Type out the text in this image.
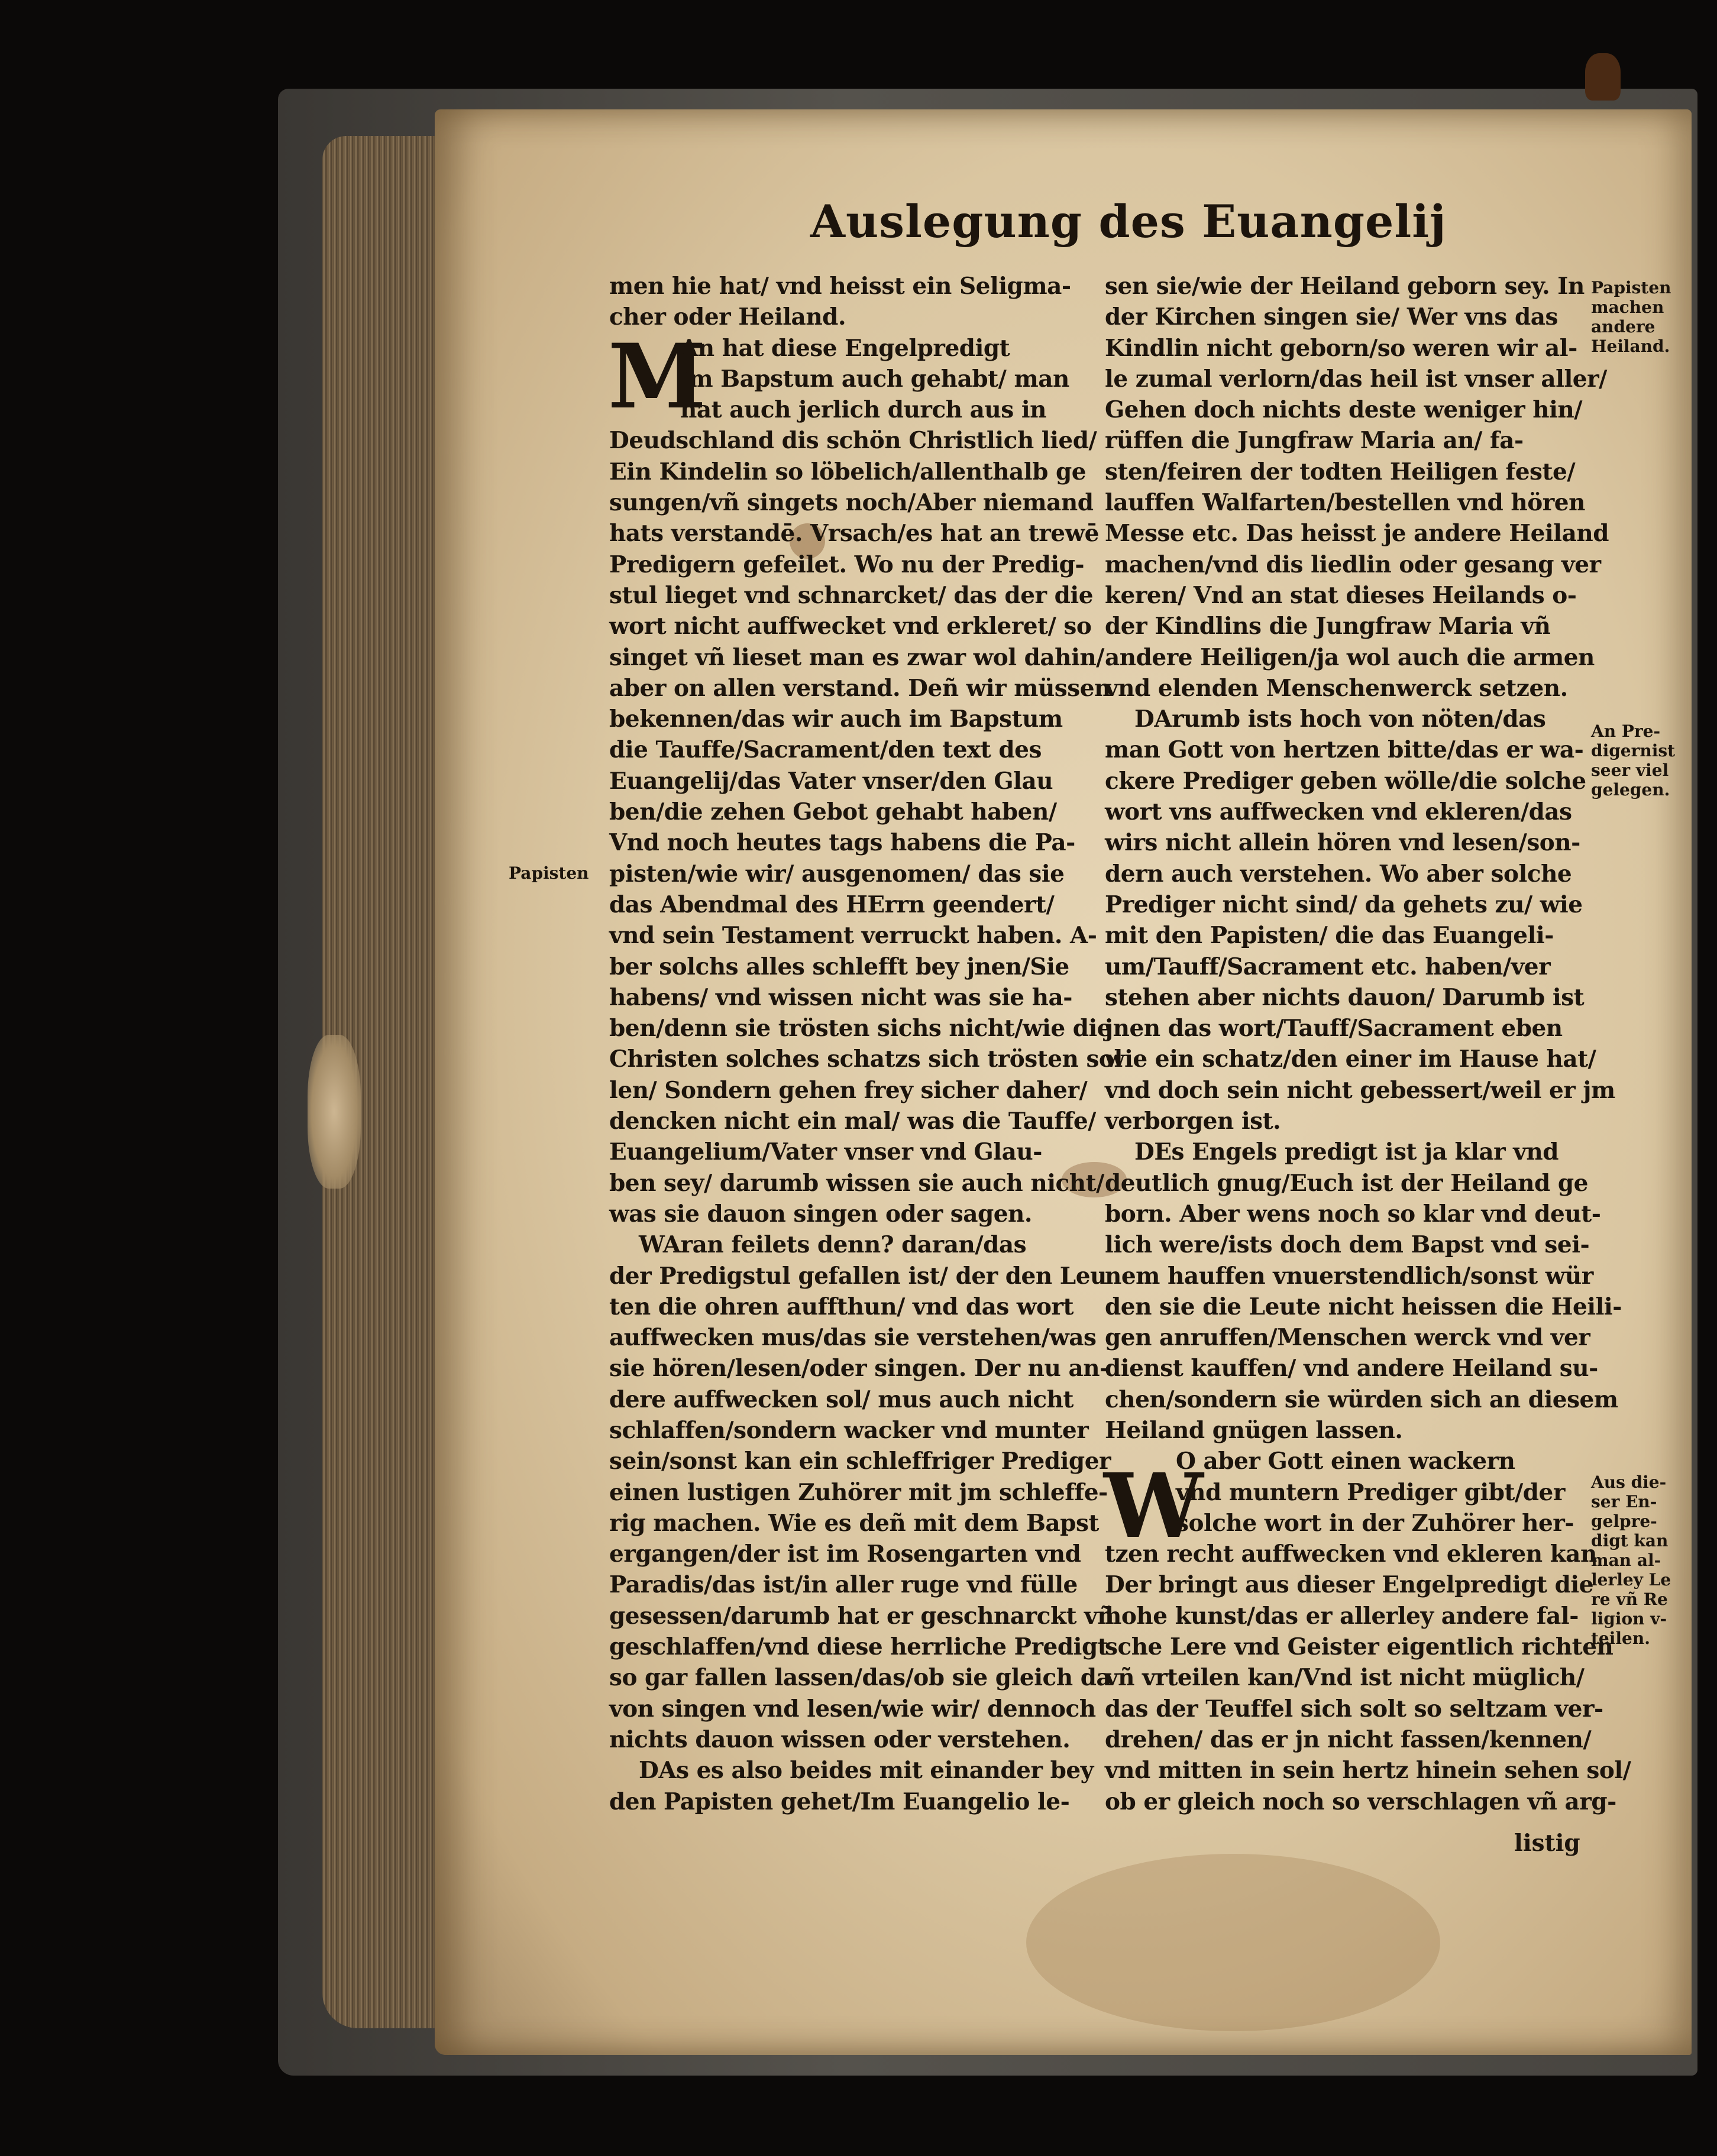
Auslegung des Euangelij
M
W
men hie hat/ vnd heisst ein Seligma-
cher oder Heiland.
An hat diese Engelpredigt
im Bapstum auch gehabt/ man
hat auch jerlich durch aus in
Deudschland dis schön Christlich lied/
Ein Kindelin so löbelich/allenthalb ge
sungen/vñ singets noch/Aber niemand
hats verstandē. Vrsach/es hat an trewē
Predigern gefeilet. Wo nu der Predig-
stul lieget vnd schnarcket/ das der die
wort nicht auffwecket vnd erkleret/ so
singet vñ lieset man es zwar wol dahin/
aber on allen verstand. Deñ wir müssen
bekennen/das wir auch im Bapstum
die Tauffe/Sacrament/den text des
Euangelij/das Vater vnser/den Glau
ben/die zehen Gebot gehabt haben/
Vnd noch heutes tags habens die Pa-
pisten/wie wir/ ausgenomen/ das sie
das Abendmal des HErrn geendert/
vnd sein Testament verruckt haben. A-
ber solchs alles schlefft bey jnen/Sie
habens/ vnd wissen nicht was sie ha-
ben/denn sie trösten sichs nicht/wie die
Christen solches schatzs sich trösten sol
len/ Sondern gehen frey sicher daher/
dencken nicht ein mal/ was die Tauffe/
Euangelium/Vater vnser vnd Glau-
ben sey/ darumb wissen sie auch nicht/
was sie dauon singen oder sagen.
WAran feilets denn? daran/das
der Predigstul gefallen ist/ der den Leu
ten die ohren auffthun/ vnd das wort
auffwecken mus/das sie verstehen/was
sie hören/lesen/oder singen. Der nu an-
dere auffwecken sol/ mus auch nicht
schlaffen/sondern wacker vnd munter
sein/sonst kan ein schleffriger Prediger
einen lustigen Zuhörer mit jm schleffe-
rig machen. Wie es deñ mit dem Bapst
ergangen/der ist im Rosengarten vnd
Paradis/das ist/in aller ruge vnd fülle
gesessen/darumb hat er geschnarckt vñ
geschlaffen/vnd diese herrliche Predigt
so gar fallen lassen/das/ob sie gleich da
von singen vnd lesen/wie wir/ dennoch
nichts dauon wissen oder verstehen.
DAs es also beides mit einander bey
den Papisten gehet/Im Euangelio le-
sen sie/wie der Heiland geborn sey. In
der Kirchen singen sie/ Wer vns das
Kindlin nicht geborn/so weren wir al-
le zumal verlorn/das heil ist vnser aller/
Gehen doch nichts deste weniger hin/
rüffen die Jungfraw Maria an/ fa-
sten/feiren der todten Heiligen feste/
lauffen Walfarten/bestellen vnd hören
Messe etc. Das heisst je andere Heiland
machen/vnd dis liedlin oder gesang ver
keren/ Vnd an stat dieses Heilands o-
der Kindlins die Jungfraw Maria vñ
andere Heiligen/ja wol auch die armen
vnd elenden Menschenwerck setzen.
DArumb ists hoch von nöten/das
man Gott von hertzen bitte/das er wa-
ckere Prediger geben wölle/die solche
wort vns auffwecken vnd ekleren/das
wirs nicht allein hören vnd lesen/son-
dern auch verstehen. Wo aber solche
Prediger nicht sind/ da gehets zu/ wie
mit den Papisten/ die das Euangeli-
um/Tauff/Sacrament etc. haben/ver
stehen aber nichts dauon/ Darumb ist
jnen das wort/Tauff/Sacrament eben
wie ein schatz/den einer im Hause hat/
vnd doch sein nicht gebessert/weil er jm
verborgen ist.
DEs Engels predigt ist ja klar vnd
deutlich gnug/Euch ist der Heiland ge
born. Aber wens noch so klar vnd deut-
lich were/ists doch dem Bapst vnd sei-
nem hauffen vnuerstendlich/sonst wür
den sie die Leute nicht heissen die Heili-
gen anruffen/Menschen werck vnd ver
dienst kauffen/ vnd andere Heiland su-
chen/sondern sie würden sich an diesem
Heiland gnügen lassen.
O aber Gott einen wackern
vnd muntern Prediger gibt/der
solche wort in der Zuhörer her-
tzen recht auffwecken vnd ekleren kan
Der bringt aus dieser Engelpredigt die
hohe kunst/das er allerley andere fal-
sche Lere vnd Geister eigentlich richten
vñ vrteilen kan/Vnd ist nicht müglich/
das der Teuffel sich solt so seltzam ver-
drehen/ das er jn nicht fassen/kennen/
vnd mitten in sein hertz hinein sehen sol/
ob er gleich noch so verschlagen vñ arg-
listig
Papisten
machen
andere
Heiland.
An Pre-
digernist
seer viel
gelegen.
Aus die-
ser En-
gelpre-
digt kan
man al-
lerley Le
re vñ Re
ligion v-
teilen.
Papisten
